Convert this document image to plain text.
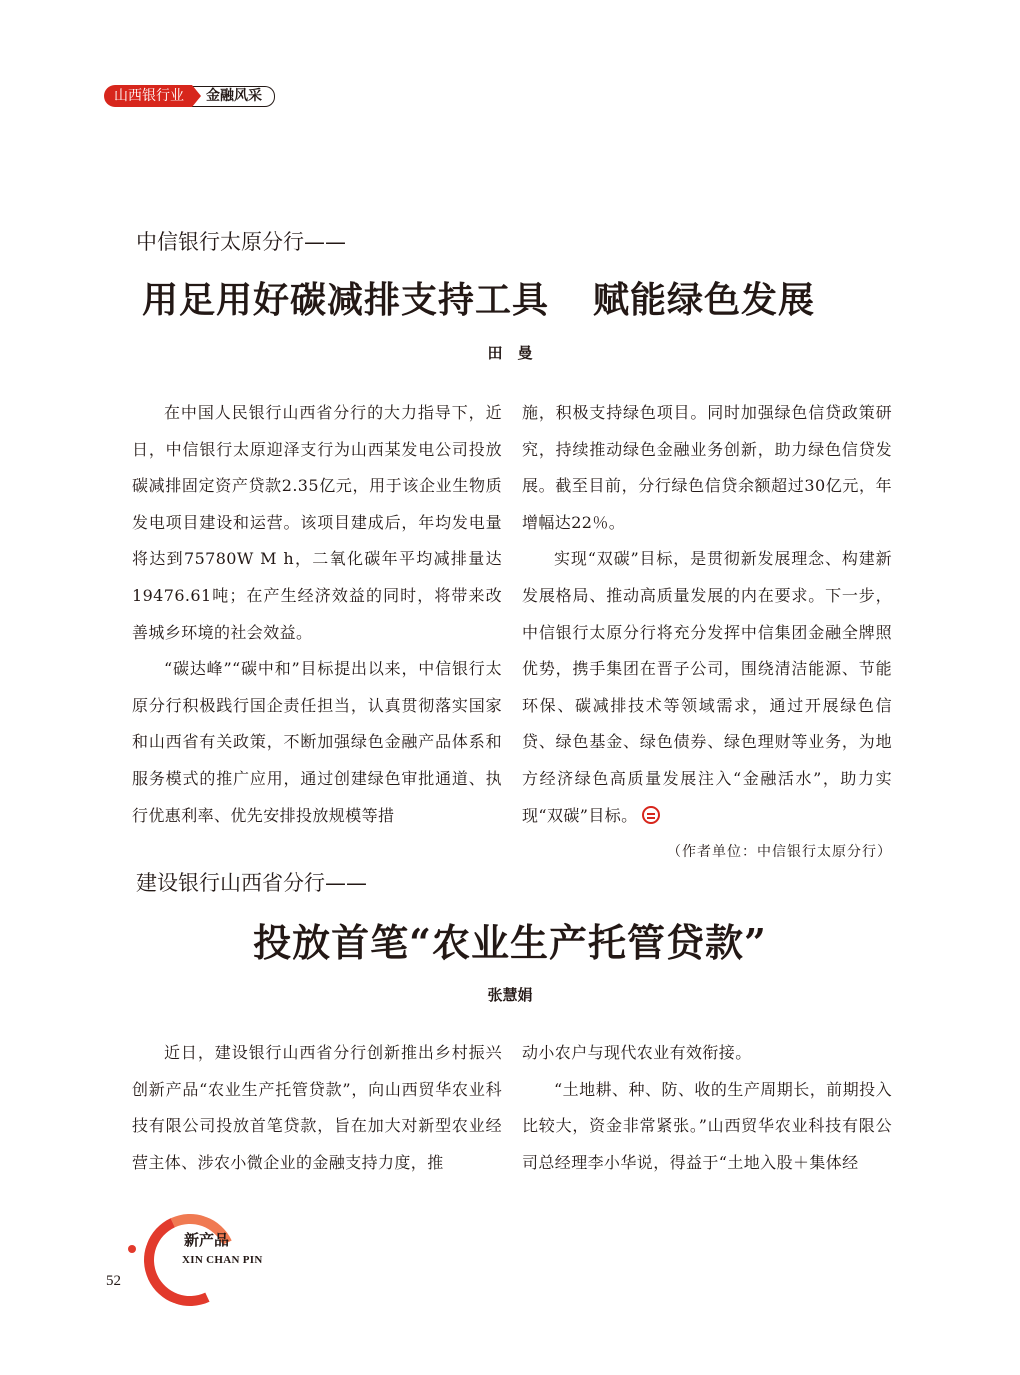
山西银行业	金融风采
中信银行太原分行——
用足用好碳减排支持工具 赋能绿色发展
田　曼

在中国人民银行山西省分行的大力指导下，近日，中信银行太原迎泽支行为山西某发电公司投放碳减排固定资产贷款2.35亿元，用于该企业生物质发电项目建设和运营。该项目建成后，年均发电量将达到75780W M h，二氧化碳年平均减排量达19476.61吨；在产生经济效益的同时，将带来改善城乡环境的社会效益。

“碳达峰”“碳中和”目标提出以来，中信银行太原分行积极践行国企责任担当，认真贯彻落实国家和山西省有关政策，不断加强绿色金融产品体系和服务模式的推广应用，通过创建绿色审批通道、执行优惠利率、优先安排投放规模等措

施，积极支持绿色项目。同时加强绿色信贷政策研究，持续推动绿色金融业务创新，助力绿色信贷发展。截至目前，分行绿色信贷余额超过30亿元，年增幅达22％。

实现“双碳”目标，是贯彻新发展理念、构建新发展格局、推动高质量发展的内在要求。下一步，中信银行太原分行将充分发挥中信集团金融全牌照优势，携手集团在晋子公司，围绕清洁能源、节能环保、碳减排技术等领域需求，通过开展绿色信贷、绿色基金、绿色债券、绿色理财等业务，为地方经济绿色高质量发展注入“金融活水”，助力实现“双碳”目标。
（作者单位：中信银行太原分行）

建设银行山西省分行——
投放首笔“农业生产托管贷款”
张慧娟

近日，建设银行山西省分行创新推出乡村振兴创新产品“农业生产托管贷款”，向山西贸华农业科技有限公司投放首笔贷款，旨在加大对新型农业经营主体、涉农小微企业的金融支持力度，推

动小农户与现代农业有效衔接。

“土地耕、种、防、收的生产周期长，前期投入比较大，资金非常紧张。”山西贸华农业科技有限公司总经理李小华说，得益于“土地入股＋集体经

新产品
XIN CHAN PIN
52
